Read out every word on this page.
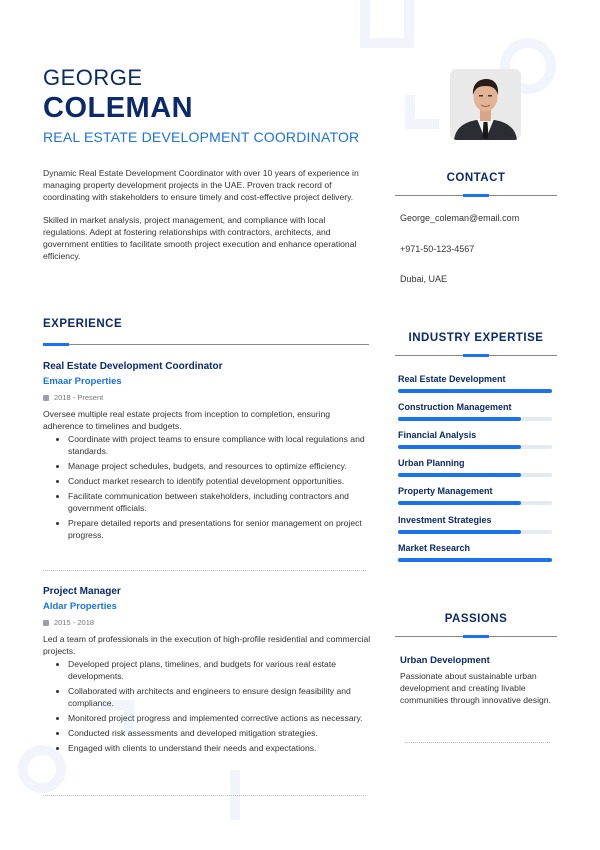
GEORGE
COLEMAN
REAL ESTATE DEVELOPMENT COORDINATOR

Dynamic Real Estate Development Coordinator with over 10 years of experience in managing property development projects in the UAE. Proven track record of coordinating with stakeholders to ensure timely and cost-effective project delivery.

Skilled in market analysis, project management, and compliance with local regulations. Adept at fostering relationships with contractors, architects, and government entities to facilitate smooth project execution and enhance operational efficiency.

EXPERIENCE
Real Estate Development Coordinator
Emaar Properties
2018 - Present
Oversee multiple real estate projects from inception to completion, ensuring adherence to timelines and budgets.
• Coordinate with project teams to ensure compliance with local regulations and standards.
• Manage project schedules, budgets, and resources to optimize efficiency.
• Conduct market research to identify potential development opportunities.
• Facilitate communication between stakeholders, including contractors and government officials.
• Prepare detailed reports and presentations for senior management on project progress.
Project Manager
Aldar Properties
2015 - 2018
Led a team of professionals in the execution of high-profile residential and commercial projects.
• Developed project plans, timelines, and budgets for various real estate developments.
• Collaborated with architects and engineers to ensure design feasibility and compliance.
• Monitored project progress and implemented corrective actions as necessary.
• Conducted risk assessments and developed mitigation strategies.
• Engaged with clients to understand their needs and expectations.
CONTACT
George_coleman@email.com
+971-50-123-4567
Dubai, UAE
INDUSTRY EXPERTISE
Real Estate Development
Construction Management
Financial Analysis
Urban Planning
Property Management
Investment Strategies
Market Research
PASSIONS
Urban Development
Passionate about sustainable urban development and creating livable communities through innovative design.
